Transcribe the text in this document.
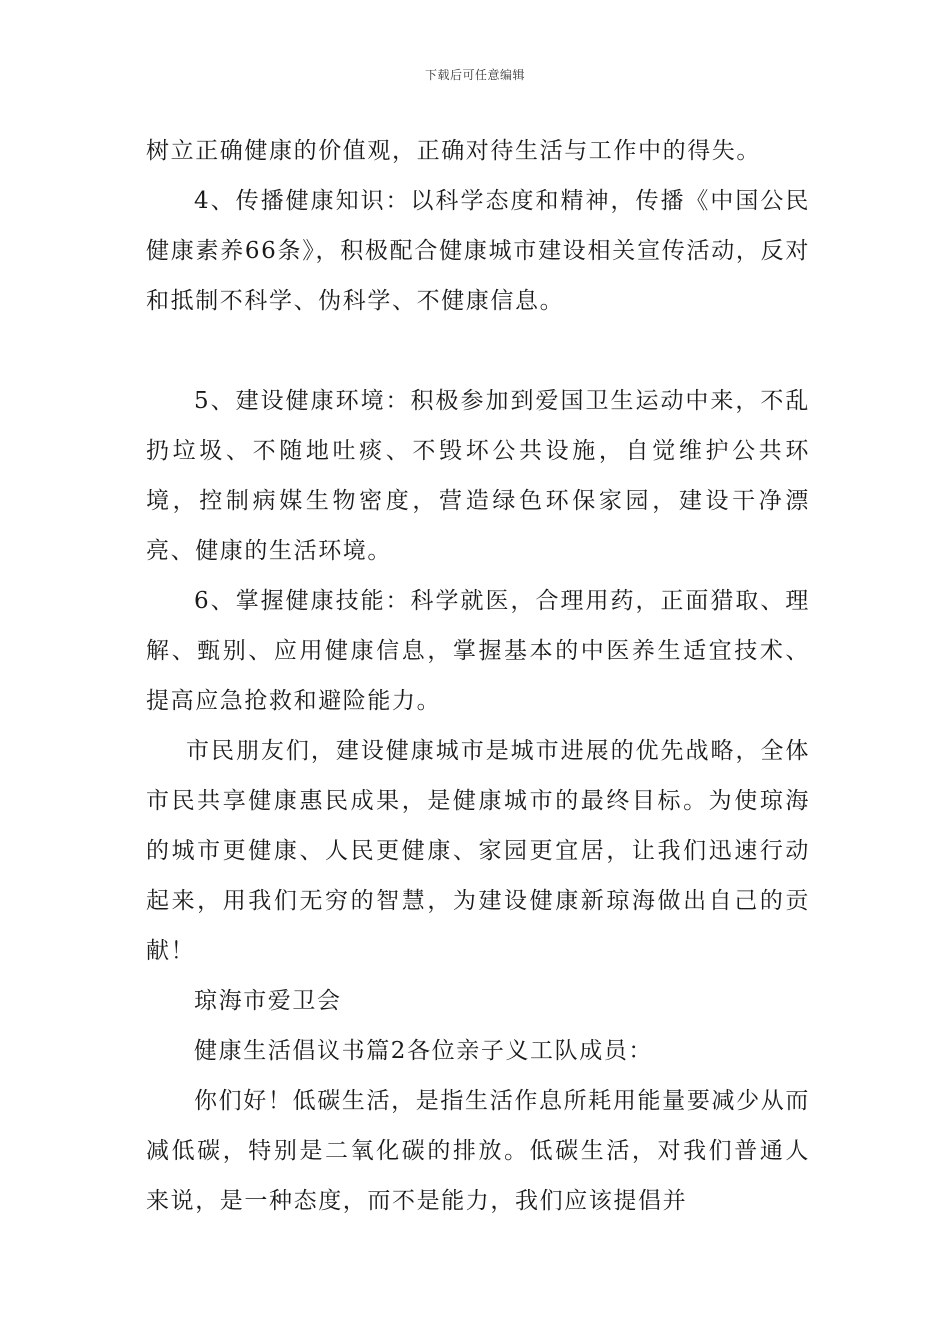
下载后可任意编辑

树立正确健康的价值观，正确对待生活与工作中的得失。

4、传播健康知识：以科学态度和精神，传播《中国公民健康素养66条》，积极配合健康城市建设相关宣传活动，反对和抵制不科学、伪科学、不健康信息。

5、建设健康环境：积极参加到爱国卫生运动中来，不乱扔垃圾、不随地吐痰、不毁坏公共设施，自觉维护公共环境，控制病媒生物密度，营造绿色环保家园，建设干净漂亮、健康的生活环境。

6、掌握健康技能：科学就医，合理用药，正面猎取、理解、甄别、应用健康信息，掌握基本的中医养生适宜技术、提高应急抢救和避险能力。

市民朋友们，建设健康城市是城市进展的优先战略，全体市民共享健康惠民成果，是健康城市的最终目标。为使琼海的城市更健康、人民更健康、家园更宜居，让我们迅速行动起来，用我们无穷的智慧，为建设健康新琼海做出自己的贡献！

琼海市爱卫会

健康生活倡议书篇2各位亲子义工队成员：

你们好！低碳生活，是指生活作息所耗用能量要减少从而减低碳，特别是二氧化碳的排放。低碳生活，对我们普通人来说，是一种态度，而不是能力，我们应该提倡并
